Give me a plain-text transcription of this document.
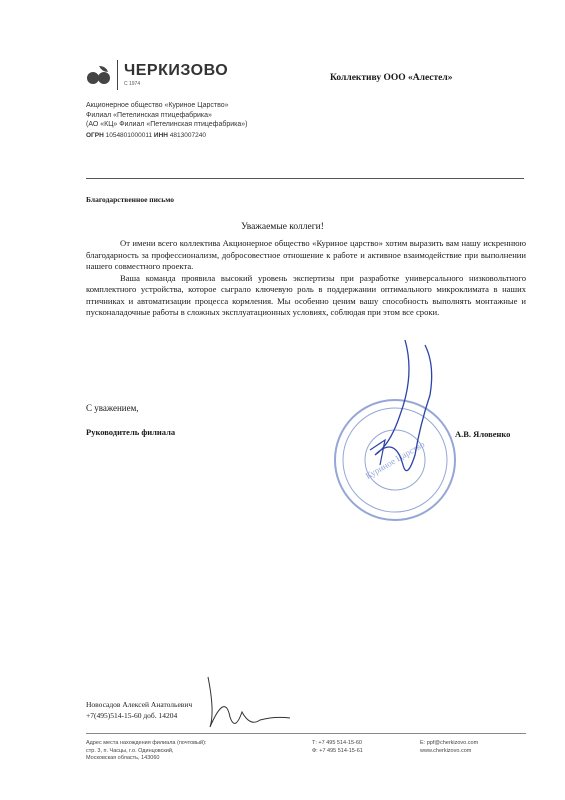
ЧЕРКИЗОВО
С 1974
Коллективу ООО «Алестел»
Акционерное общество «Куриное Царство»
Филиал «Петелинская птицефабрика»
(АО «КЦ» Филиал «Петелинская птицефабрика»)
ОГРН 1054801000011 ИНН 4813007240
Благодарственное письмо
Уважаемые коллеги!

От имени всего коллектива Акционерное общество «Куриное царство» хотим выразить вам нашу искреннюю благодарность за профессионализм, добросовестное отношение к работе и активное взаимодействие при выполнении нашего совместного проекта.

Ваша команда проявила высокий уровень экспертизы при разработке универсального низковольтного комплектного устройства, которое сыграло ключевую роль в поддержании оптимального микроклимата в наших птичниках и автоматизации процесса кормления. Мы особенно ценим вашу способность выполнять монтажные и пусконаладочные работы в сложных эксплуатационных условиях, соблюдая при этом все сроки.

С уважением,
Руководитель филиала	А.В. Яловенко
Куриное Царство
Новосадов Алексей Анатольевич
+7(495)514-15-60 доб. 14204
Адрес места нахождения филиала (почтовый):
стр. 3, п. Часцы, г.о. Одинцовский,
Московская область, 143060
Т: +7 495 514-15-60
Ф: +7 495 514-15-61
E: ppf@cherkizovo.com
www.cherkizovo.com
